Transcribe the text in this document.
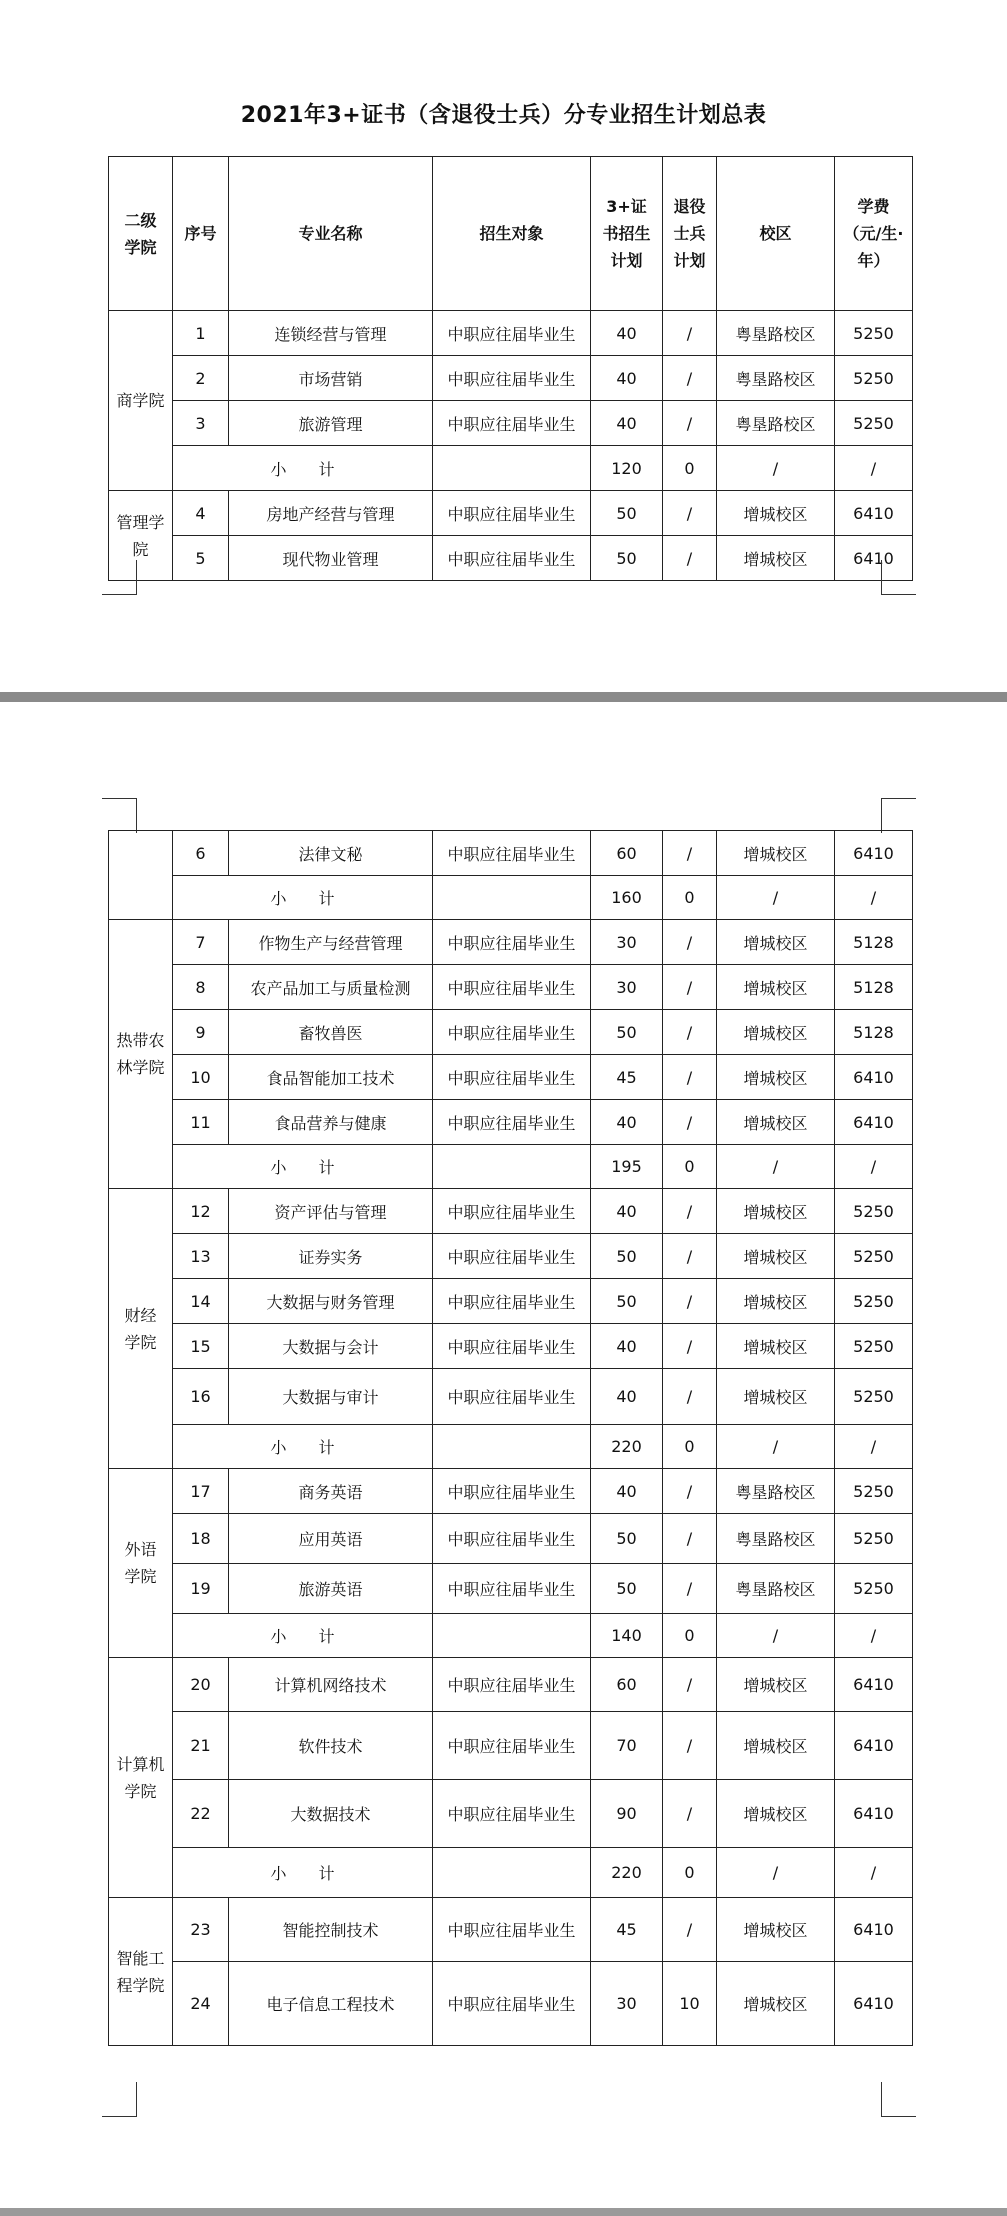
2021年3+证书（含退役士兵）分专业招生计划总表
二级学院	序号	专业名称	招生对象	3+证书招生计划	退役士兵计划	校区	学费（元/生·年）
商学院	1	连锁经营与管理	中职应往届毕业生	40	/	粤垦路校区	5250
	2	市场营销	中职应往届毕业生	40	/	粤垦路校区	5250
	3	旅游管理	中职应往届毕业生	40	/	粤垦路校区	5250
	小　　计			120	0	/	/
管理学院	4	房地产经营与管理	中职应往届毕业生	50	/	增城校区	6410
	5	现代物业管理	中职应往届毕业生	50	/	增城校区	6410
	6	法律文秘	中职应往届毕业生	60	/	增城校区	6410
	小　　计			160	0	/	/
热带农林学院	7	作物生产与经营管理	中职应往届毕业生	30	/	增城校区	5128
	8	农产品加工与质量检测	中职应往届毕业生	30	/	增城校区	5128
	9	畜牧兽医	中职应往届毕业生	50	/	增城校区	5128
	10	食品智能加工技术	中职应往届毕业生	45	/	增城校区	6410
	11	食品营养与健康	中职应往届毕业生	40	/	增城校区	6410
	小　　计			195	0	/	/
财经学院	12	资产评估与管理	中职应往届毕业生	40	/	增城校区	5250
	13	证券实务	中职应往届毕业生	50	/	增城校区	5250
	14	大数据与财务管理	中职应往届毕业生	50	/	增城校区	5250
	15	大数据与会计	中职应往届毕业生	40	/	增城校区	5250
	16	大数据与审计	中职应往届毕业生	40	/	增城校区	5250
	小　　计			220	0	/	/
外语学院	17	商务英语	中职应往届毕业生	40	/	粤垦路校区	5250
	18	应用英语	中职应往届毕业生	50	/	粤垦路校区	5250
	19	旅游英语	中职应往届毕业生	50	/	粤垦路校区	5250
	小　　计			140	0	/	/
计算机学院	20	计算机网络技术	中职应往届毕业生	60	/	增城校区	6410
	21	软件技术	中职应往届毕业生	70	/	增城校区	6410
	22	大数据技术	中职应往届毕业生	90	/	增城校区	6410
	小　　计			220	0	/	/
智能工程学院	23	智能控制技术	中职应往届毕业生	45	/	增城校区	6410
	24	电子信息工程技术	中职应往届毕业生	30	10	增城校区	6410
